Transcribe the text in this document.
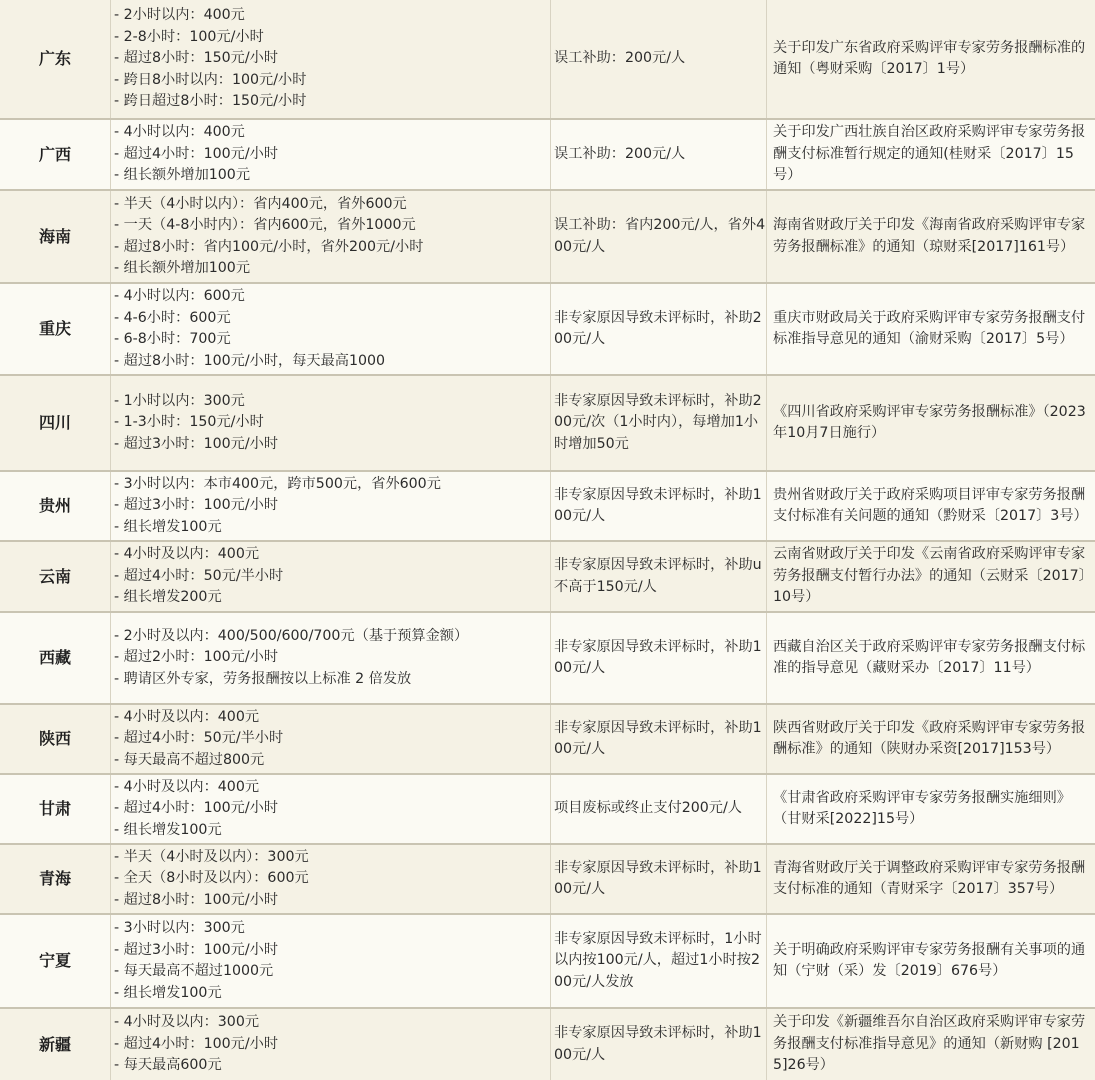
广东	- 2小时以内：400元
- 2-8小时：100元/小时
- 超过8小时：150元/小时
- 跨日8小时以内：100元/小时
- 跨日超过8小时：150元/小时	误工补助：200元/人	关于印发广东省政府采购评审专家劳务报酬标准的通知（粤财采购〔2017〕1号）

广西	- 4小时以内：400元
- 超过4小时：100元/小时
- 组长额外增加100元	误工补助：200元/人	关于印发广西壮族自治区政府采购评审专家劳务报酬支付标准暂行规定的通知(桂财采〔2017〕15号）

海南	- 半天（4小时以内）：省内400元，省外600元
- 一天（4-8小时内）：省内600元，省外1000元
- 超过8小时：省内100元/小时，省外200元/小时
- 组长额外增加100元	误工补助：省内200元/人，省外400元/人	海南省财政厅关于印发《海南省政府采购评审专家劳务报酬标准》的通知（琼财采[2017]161号）

重庆	- 4小时以内：600元
- 4-6小时：600元
- 6-8小时：700元
- 超过8小时：100元/小时，每天最高1000	非专家原因导致未评标时，补助200元/人	重庆市财政局关于政府采购评审专家劳务报酬支付标准指导意见的通知（渝财采购〔2017〕5号）

四川	- 1小时以内：300元
- 1-3小时：150元/小时
- 超过3小时：100元/小时	非专家原因导致未评标时，补助200元/次（1小时内），每增加1小时增加50元	《四川省政府采购评审专家劳务报酬标准》（2023年10月7日施行）

贵州	- 3小时以内：本市400元，跨市500元，省外600元
- 超过3小时：100元/小时
- 组长增发100元	非专家原因导致未评标时，补助100元/人	贵州省财政厅关于政府采购项目评审专家劳务报酬支付标准有关问题的通知（黔财采〔2017〕3号）

云南	- 4小时及以内：400元
- 超过4小时：50元/半小时
- 组长增发200元	非专家原因导致未评标时，补助u不高于150元/人	云南省财政厅关于印发《云南省政府采购评审专家劳务报酬支付暂行办法》的通知（云财采〔2017〕10号）

西藏	- 2小时及以内：400/500/600/700元（基于预算金额）
- 超过2小时：100元/小时
- 聘请区外专家，劳务报酬按以上标准 2 倍发放	非专家原因导致未评标时，补助100元/人	西藏自治区关于政府采购评审专家劳务报酬支付标准的指导意见（藏财采办〔2017〕11号）

陕西	- 4小时及以内：400元
- 超过4小时：50元/半小时
- 每天最高不超过800元	非专家原因导致未评标时，补助100元/人	陕西省财政厅关于印发《政府采购评审专家劳务报酬标准》的通知（陕财办采资[2017]153号）

甘肃	- 4小时及以内：400元
- 超过4小时：100元/小时
- 组长增发100元	项目废标或终止支付200元/人	《甘肃省政府采购评审专家劳务报酬实施细则》（甘财采[2022]15号）

青海	- 半天（4小时及以内）：300元
- 全天（8小时及以内）：600元
- 超过8小时：100元/小时	非专家原因导致未评标时，补助100元/人	青海省财政厅关于调整政府采购评审专家劳务报酬支付标准的通知（青财采字〔2017〕357号）

宁夏	- 3小时以内：300元
- 超过3小时：100元/小时
- 每天最高不超过1000元
- 组长增发100元	非专家原因导致未评标时，1小时以内按100元/人，超过1小时按200元/人发放	关于明确政府采购评审专家劳务报酬有关事项的通知（宁财（采）发〔2019〕676号）

新疆	- 4小时及以内：300元
- 超过4小时：100元/小时
- 每天最高600元	非专家原因导致未评标时，补助100元/人	关于印发《新疆维吾尔自治区政府采购评审专家劳务报酬支付标准指导意见》的通知（新财购 [2015]26号）
